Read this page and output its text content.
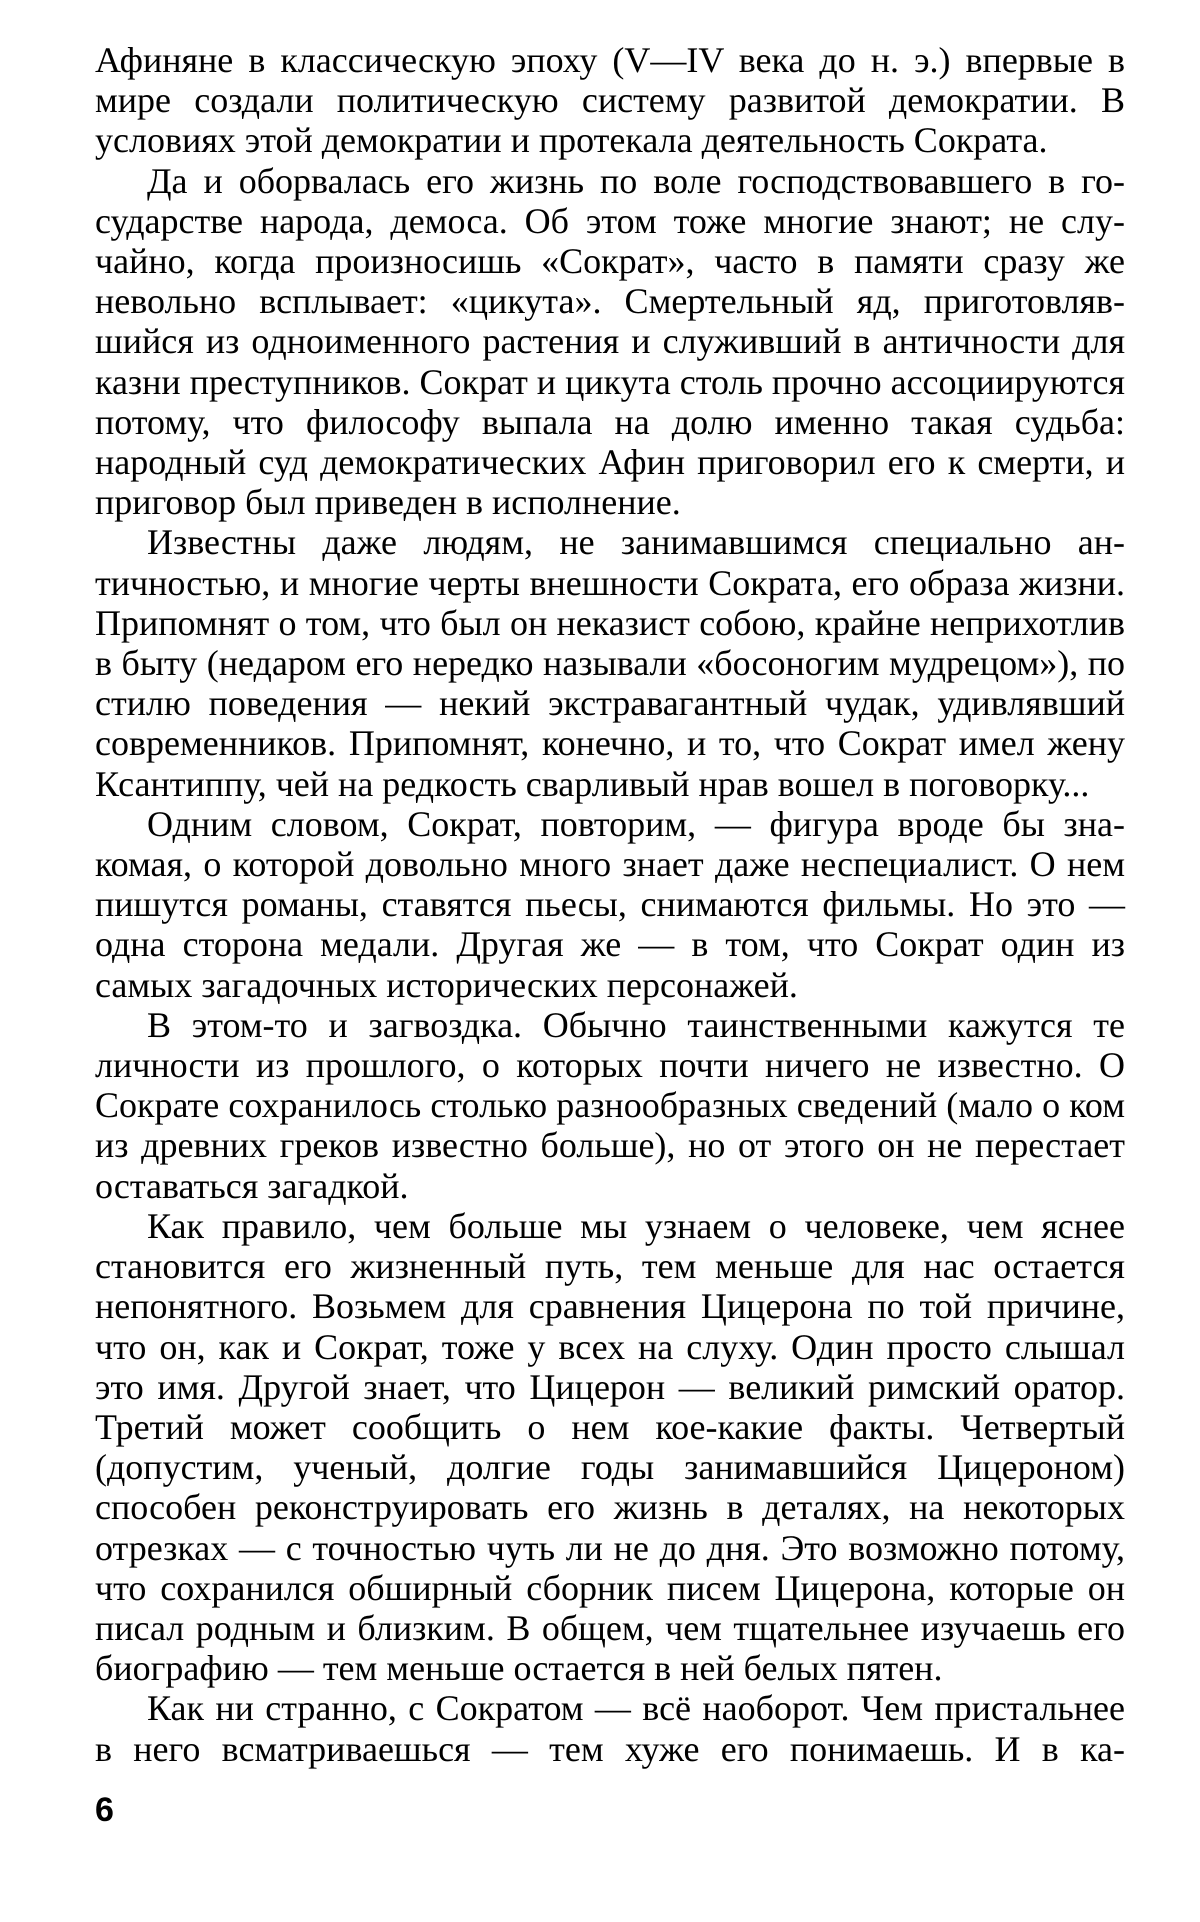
Афиняне в классическую эпоху (V—IV века до н. э.) впервые в мире создали политическую систему развитой демократии. В условиях этой демократии и протекала деятельность Сократа.

Да и оборвалась его жизнь по воле господствовавшего в го­сударстве народа, демоса. Об этом тоже многие знают; не слу­чайно, когда произносишь «Сократ», часто в памяти сразу же невольно всплывает: «цикута». Смертельный яд, приготовляв­шийся из одноименного растения и служивший в античности для казни преступников. Сократ и цикута столь прочно ассо­циируются потому, что философу выпала на долю именно та­кая судьба: народный суд демократических Афин приговорил его к смерти, и приговор был приведен в исполнение.

Известны даже людям, не занимавшимся специально ан­тичностью, и многие черты внешности Сократа, его образа жизни. Припомнят о том, что был он неказист собою, крайне неприхотлив в быту (недаром его нередко называли «босоно­гим мудрецом»), по стилю поведения — некий экстравагант­ный чудак, удивлявший современников. Припомнят, конечно, и то, что Сократ имел жену Ксантиппу, чей на редкость сварли­вый нрав вошел в поговорку...

Одним словом, Сократ, повторим, — фигура вроде бы зна­комая, о которой довольно много знает даже неспециалист. О нем пишутся романы, ставятся пьесы, снимаются фильмы. Но это — одна сторона медали. Другая же — в том, что Сократ один из самых загадочных исторических персонажей.

В этом-то и загвоздка. Обычно таинственными кажутся те личности из прошлого, о которых почти ничего не известно. О Сократе сохранилось столько разнообразных сведений (ма­ло о ком из древних греков известно больше), но от этого он не перестает оставаться загадкой.

Как правило, чем больше мы узнаем о человеке, чем яснее становится его жизненный путь, тем меньше для нас остается непонятного. Возьмем для сравнения Цицерона по той причи­не, что он, как и Сократ, тоже у всех на слуху. Один просто слы­шал это имя. Другой знает, что Цицерон — великий римский оратор. Третий может сообщить о нем кое-какие факты. Чет­вертый (допустим, ученый, долгие годы занимавшийся Ци­цероном) способен реконструировать его жизнь в деталях, на некоторых отрезках — с точностью чуть ли не до дня. Это воз­можно потому, что сохранился обширный сборник писем Ци­церона, которые он писал родным и близким. В общем, чем тщательнее изучаешь его биографию — тем меньше остается в ней белых пятен.

Как ни странно, с Сократом — всё наоборот. Чем присталь­нее в него всматриваешься — тем хуже его понимаешь. И в ка-

6
